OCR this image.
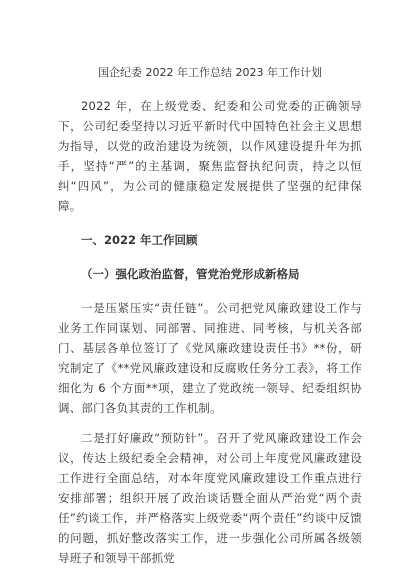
国企纪委 2022 年工作总结 2023 年工作计划

2022 年，在上级党委、纪委和公司党委的正确领导下，公司纪委坚持以习近平新时代中国特色社会主义思想为指导，以党的政治建设为统领，以作风建设提升年为抓手，坚持“严”的主基调，聚焦监督执纪问责，持之以恒纠“四风”，为公司的健康稳定发展提供了坚强的纪律保障。

一、2022 年工作回顾
（一）强化政治监督，管党治党形成新格局

一是压紧压实“责任链”。公司把党风廉政建设工作与业务工作同谋划、同部署、同推进、同考核，与机关各部门、基层各单位签订了《党风廉政建设责任书》**份，研究制定了《**党风廉政建设和反腐败任务分工表》，将工作细化为 6 个方面**项，建立了党政统一领导、纪委组织协调、部门各负其责的工作机制。

二是打好廉政“预防针”。召开了党风廉政建设工作会议，传达上级纪委全会精神，对公司上年度党风廉政建设工作进行全面总结，对本年度党风廉政建设工作重点进行安排部署；组织开展了政治谈话暨全面从严治党“两个责任”约谈工作，并严格落实上级党委“两个责任”约谈中反馈的问题，抓好整改落实工作，进一步强化公司所属各级领导班子和领导干部抓党
